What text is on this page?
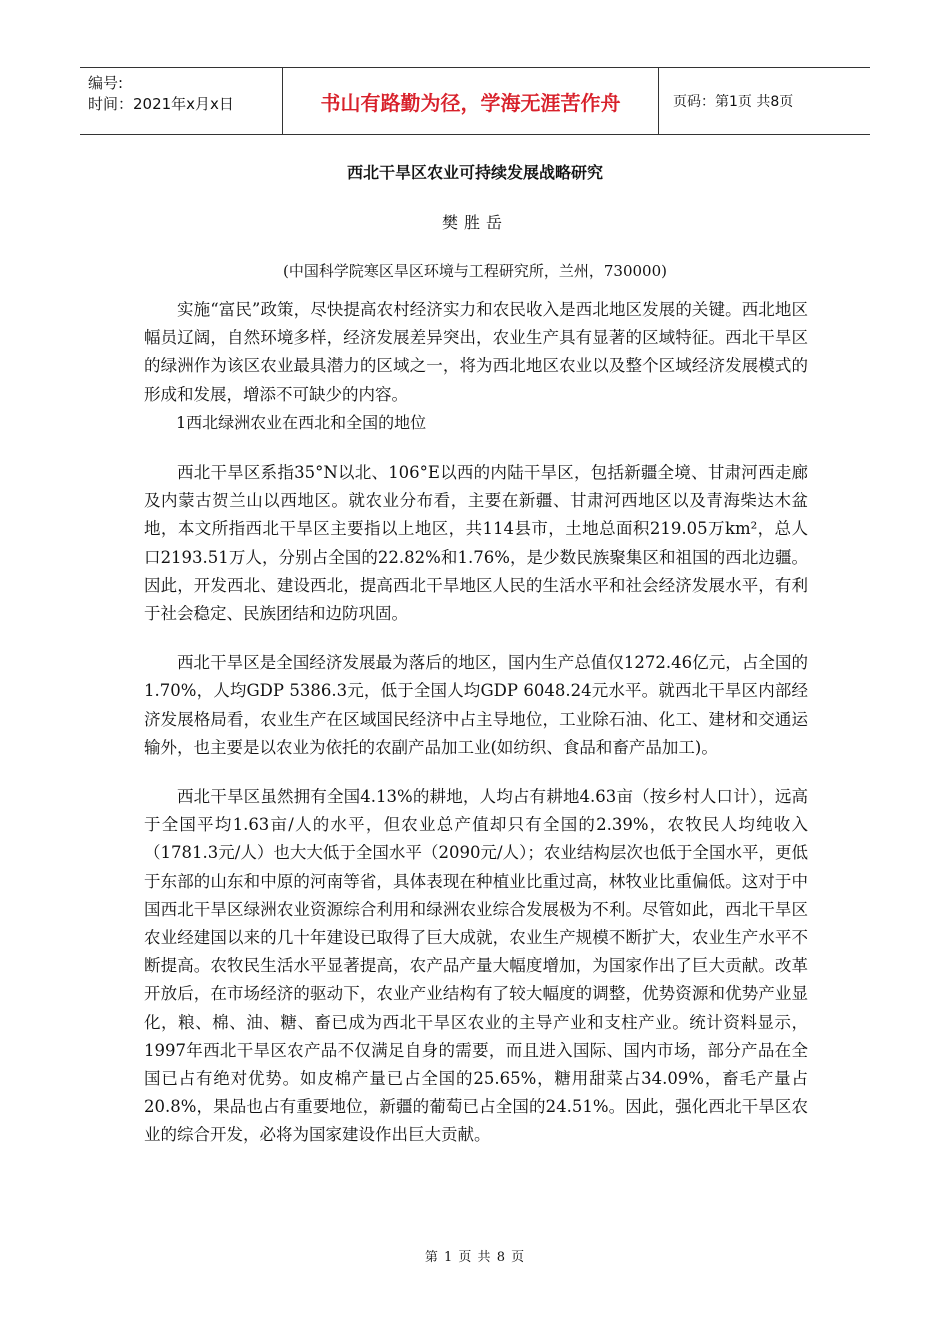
编号:
时间：2021年x月x日	书山有路勤为径，学海无涯苦作舟	页码：第1页 共8页
西北干旱区农业可持续发展战略研究
樊胜岳
(中国科学院寒区旱区环境与工程研究所，兰州，730000)

实施“富民”政策，尽快提高农村经济实力和农民收入是西北地区发展的关键。西北地区幅员辽阔，自然环境多样，经济发展差异突出，农业生产具有显著的区域特征。西北干旱区的绿洲作为该区农业最具潜力的区域之一，将为西北地区农业以及整个区域经济发展模式的形成和发展，增添不可缺少的内容。

1西北绿洲农业在西北和全国的地位

西北干旱区系指35°N以北、106°E以西的内陆干旱区，包括新疆全境、甘肃河西走廊及内蒙古贺兰山以西地区。就农业分布看，主要在新疆、甘肃河西地区以及青海柴达木盆地，本文所指西北干旱区主要指以上地区，共114县市，土地总面积219.05万km²，总人口2193.51万人，分别占全国的22.82%和1.76%，是少数民族聚集区和祖国的西北边疆。因此，开发西北、建设西北，提高西北干旱地区人民的生活水平和社会经济发展水平，有利于社会稳定、民族团结和边防巩固。

西北干旱区是全国经济发展最为落后的地区，国内生产总值仅1272.46亿元，占全国的1.70%，人均GDP 5386.3元，低于全国人均GDP 6048.24元水平。就西北干旱区内部经济发展格局看，农业生产在区域国民经济中占主导地位，工业除石油、化工、建材和交通运输外，也主要是以农业为依托的农副产品加工业(如纺织、食品和畜产品加工)。

西北干旱区虽然拥有全国4.13%的耕地，人均占有耕地4.63亩（按乡村人口计），远高于全国平均1.63亩/人的水平，但农业总产值却只有全国的2.39%，农牧民人均纯收入（1781.3元/人）也大大低于全国水平（2090元/人）；农业结构层次也低于全国水平，更低于东部的山东和中原的河南等省，具体表现在种植业比重过高，林牧业比重偏低。这对于中国西北干旱区绿洲农业资源综合利用和绿洲农业综合发展极为不利。尽管如此，西北干旱区农业经建国以来的几十年建设已取得了巨大成就，农业生产规模不断扩大，农业生产水平不断提高。农牧民生活水平显著提高，农产品产量大幅度增加，为国家作出了巨大贡献。改革开放后，在市场经济的驱动下，农业产业结构有了较大幅度的调整，优势资源和优势产业显化，粮、棉、油、糖、畜已成为西北干旱区农业的主导产业和支柱产业。统计资料显示，1997年西北干旱区农产品不仅满足自身的需要，而且进入国际、国内市场，部分产品在全国已占有绝对优势。如皮棉产量已占全国的25.65%，糖用甜菜占34.09%，畜毛产量占20.8%，果品也占有重要地位，新疆的葡萄已占全国的24.51%。因此，强化西北干旱区农业的综合开发，必将为国家建设作出巨大贡献。

第 1 页 共 8 页
